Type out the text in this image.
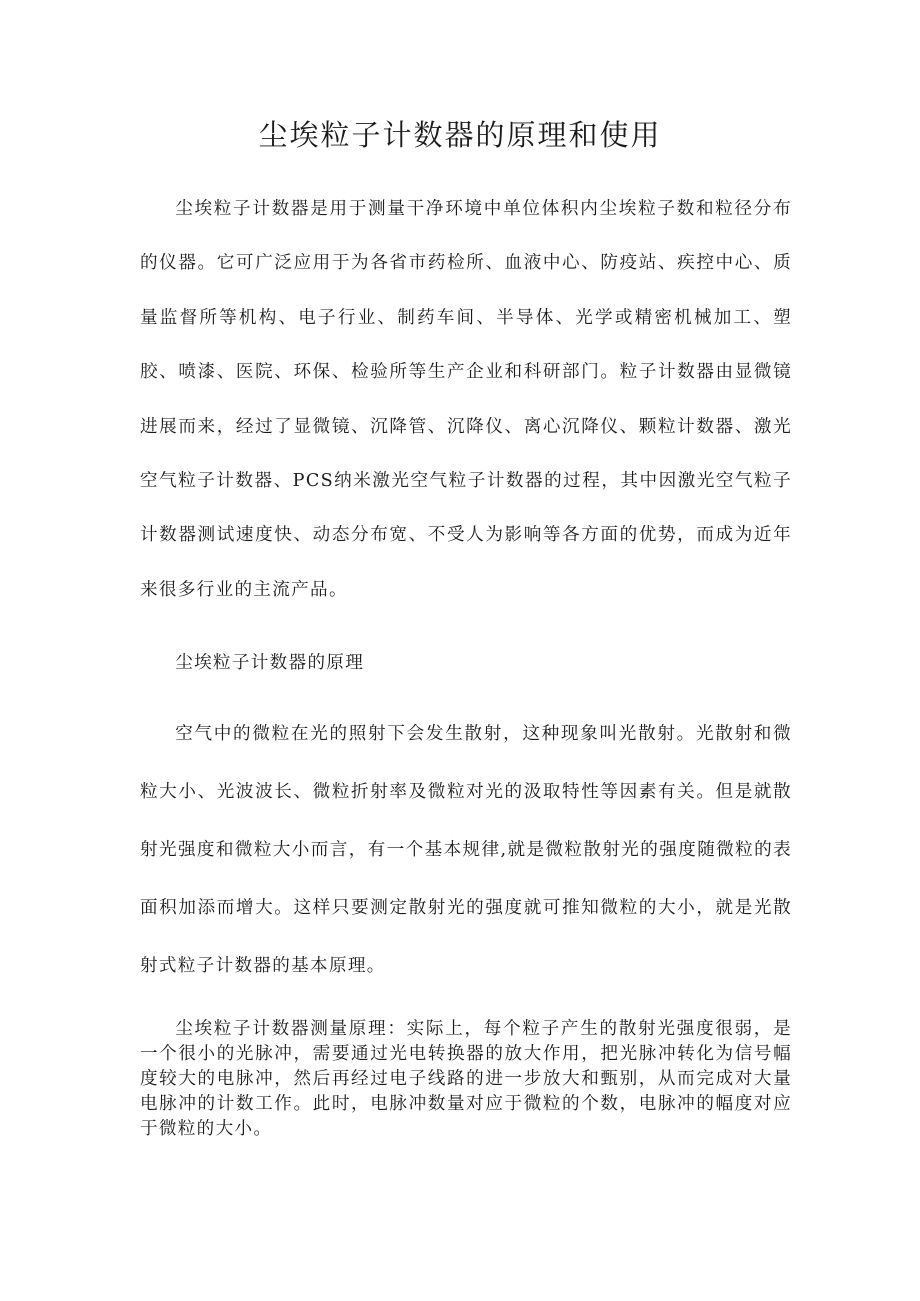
尘埃粒子计数器的原理和使用

尘埃粒子计数器是用于测量干净环境中单位体积内尘埃粒子数和粒径分布的仪器。它可广泛应用于为各省市药检所、血液中心、防疫站、疾控中心、质量监督所等机构、电子行业、制药车间、半导体、光学或精密机械加工、塑胶、喷漆、医院、环保、检验所等生产企业和科研部门。粒子计数器由显微镜进展而来，经过了显微镜、沉降管、沉降仪、离心沉降仪、颗粒计数器、激光空气粒子计数器、PCS纳米激光空气粒子计数器的过程，其中因激光空气粒子计数器测试速度快、动态分布宽、不受人为影响等各方面的优势，而成为近年来很多行业的主流产品。

尘埃粒子计数器的原理

空气中的微粒在光的照射下会发生散射，这种现象叫光散射。光散射和微粒大小、光波波长、微粒折射率及微粒对光的汲取特性等因素有关。但是就散射光强度和微粒大小而言，有一个基本规律,就是微粒散射光的强度随微粒的表面积加添而增大。这样只要测定散射光的强度就可推知微粒的大小，就是光散射式粒子计数器的基本原理。

尘埃粒子计数器测量原理：实际上，每个粒子产生的散射光强度很弱，是一个很小的光脉冲，需要通过光电转换器的放大作用，把光脉冲转化为信号幅度较大的电脉冲，然后再经过电子线路的进一步放大和甄别，从而完成对大量电脉冲的计数工作。此时，电脉冲数量对应于微粒的个数，电脉冲的幅度对应于微粒的大小。
